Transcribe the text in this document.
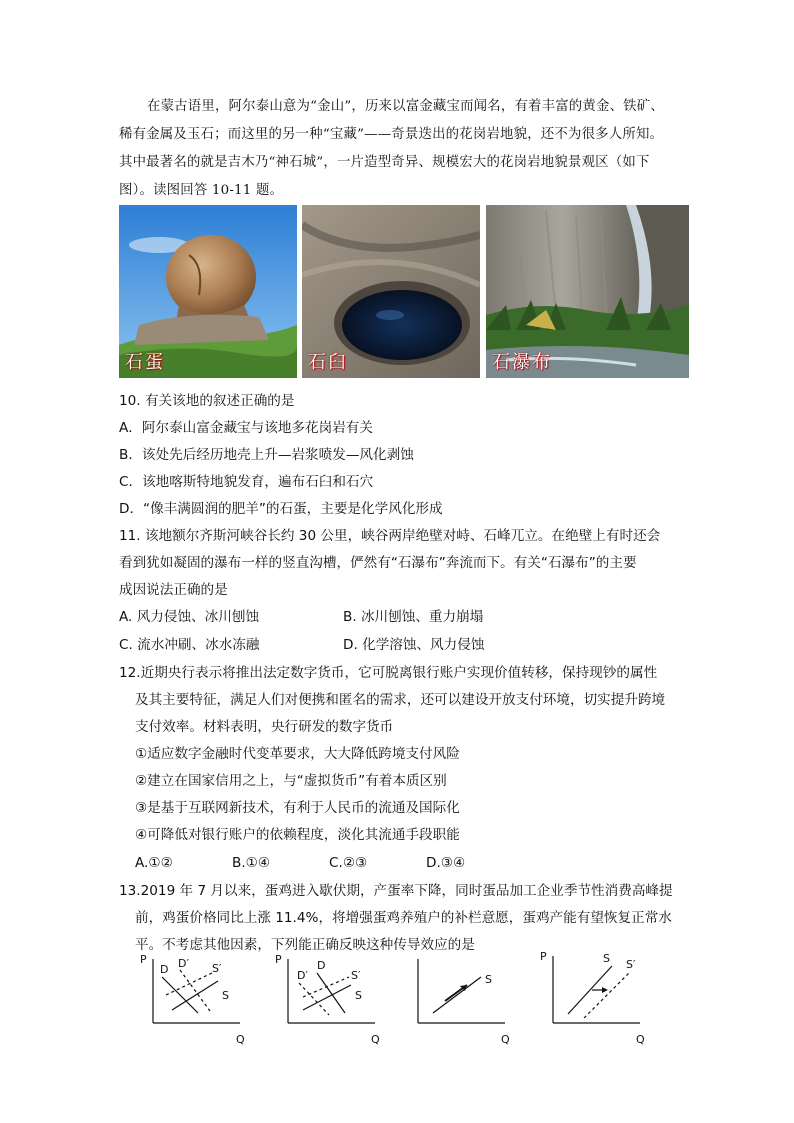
在蒙古语里，阿尔泰山意为“金山”，历来以富金藏宝而闻名，有着丰富的黄金、铁矿、

稀有金属及玉石；而这里的另一种“宝藏”——奇景迭出的花岗岩地貌，还不为很多人所知。

其中最著名的就是吉木乃“神石城”，一片造型奇异、规模宏大的花岗岩地貌景观区（如下

图）。读图回答 10-11 题。

石蛋	石臼	石瀑布
10. 有关该地的叙述正确的是
A．阿尔泰山富金藏宝与该地多花岗岩有关
B．该处先后经历地壳上升—岩浆喷发—风化剥蚀
C．该地喀斯特地貌发育，遍布石臼和石穴
D．“像丰满圆润的肥羊”的石蛋，主要是化学风化形成
11. 该地额尔齐斯河峡谷长约 30 公里，峡谷两岸绝壁对峙、石峰兀立。在绝壁上有时还会
看到犹如凝固的瀑布一样的竖直沟槽，俨然有“石瀑布”奔流而下。有关“石瀑布”的主要
成因说法正确的是
A. 风力侵蚀、冰川刨蚀	B. 冰川刨蚀、重力崩塌
C. 流水冲刷、冰水冻融	D. 化学溶蚀、风力侵蚀
12.近期央行表示将推出法定数字货币，它可脱离银行账户实现价值转移，保持现钞的属性
及其主要特征，满足人们对便携和匿名的需求，还可以建设开放支付环境，切实提升跨境
支付效率。材料表明，央行研发的数字货币
①适应数字金融时代变革要求，大大降低跨境支付风险
②建立在国家信用之上，与“虚拟货币”有着本质区别
③是基于互联网新技术，有利于人民币的流通及国际化
④可降低对银行账户的依赖程度，淡化其流通手段职能
A.①②	B.①④	C.②③	D.③④
13.2019 年 7 月以来，蛋鸡进入歇伏期，产蛋率下降，同时蛋品加工企业季节性消费高峰提
前，鸡蛋价格同比上涨 11.4%，将增强蛋鸡养殖户的补栏意愿，蛋鸡产能有望恢复正常水
平。不考虑其他因素，下列能正确反映这种传导效应的是
P
Q
D D′ S′
S
P
Q
D′
D
S′
S
Q
S
P
Q
S S′
